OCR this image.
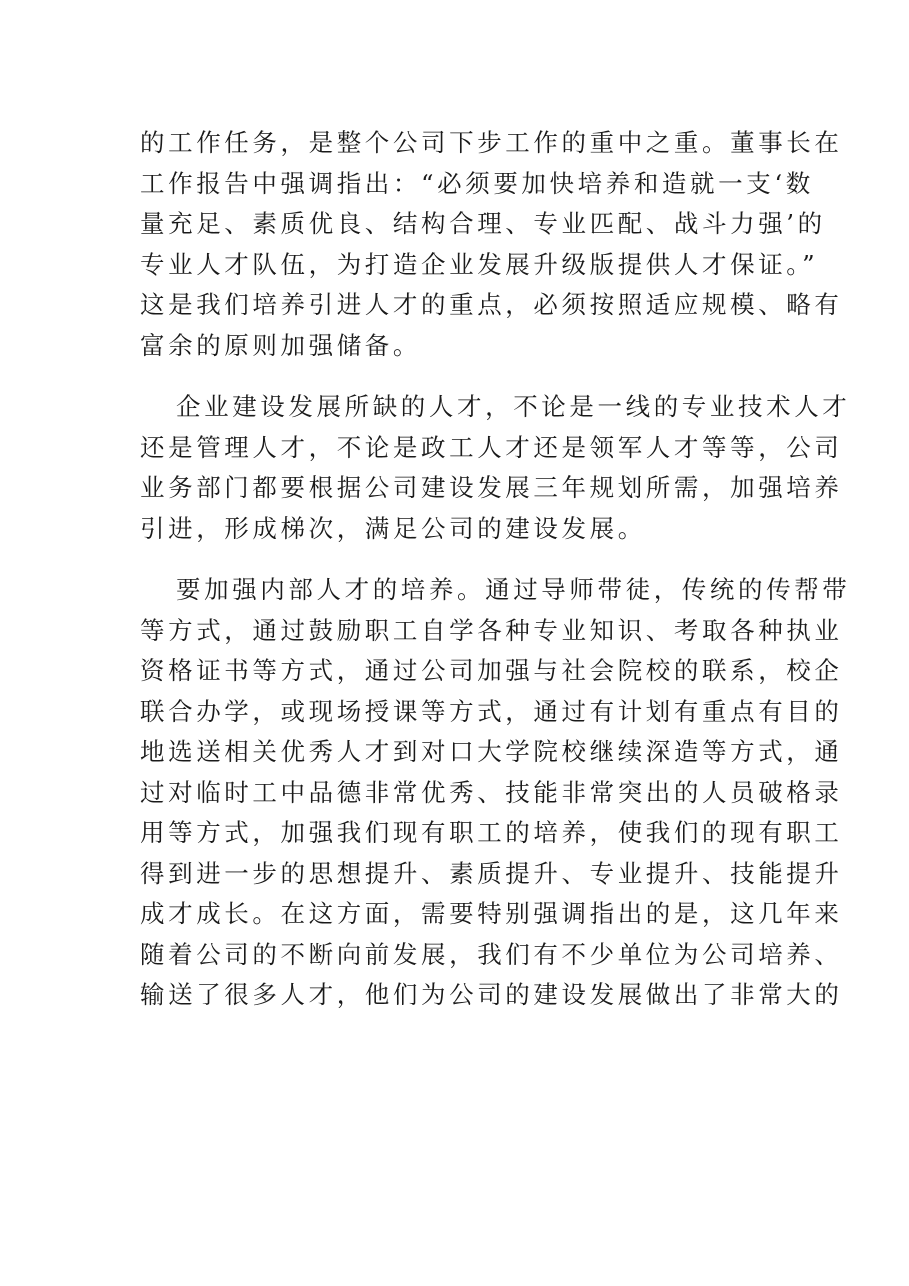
的工作任务，是整个公司下步工作的重中之重。董事长在
工作报告中强调指出：“必须要加快培养和造就一支‘数
量充足、素质优良、结构合理、专业匹配、战斗力强’的
专业人才队伍，为打造企业发展升级版提供人才保证。”
这是我们培养引进人才的重点，必须按照适应规模、略有
富余的原则加强储备。
企业建设发展所缺的人才，不论是一线的专业技术人才
还是管理人才，不论是政工人才还是领军人才等等，公司
业务部门都要根据公司建设发展三年规划所需，加强培养
引进，形成梯次，满足公司的建设发展。
要加强内部人才的培养。通过导师带徒，传统的传帮带
等方式，通过鼓励职工自学各种专业知识、考取各种执业
资格证书等方式，通过公司加强与社会院校的联系，校企
联合办学，或现场授课等方式，通过有计划有重点有目的
地选送相关优秀人才到对口大学院校继续深造等方式，通
过对临时工中品德非常优秀、技能非常突出的人员破格录
用等方式，加强我们现有职工的培养，使我们的现有职工
得到进一步的思想提升、素质提升、专业提升、技能提升
成才成长。在这方面，需要特别强调指出的是，这几年来
随着公司的不断向前发展，我们有不少单位为公司培养、
输送了很多人才，他们为公司的建设发展做出了非常大的
